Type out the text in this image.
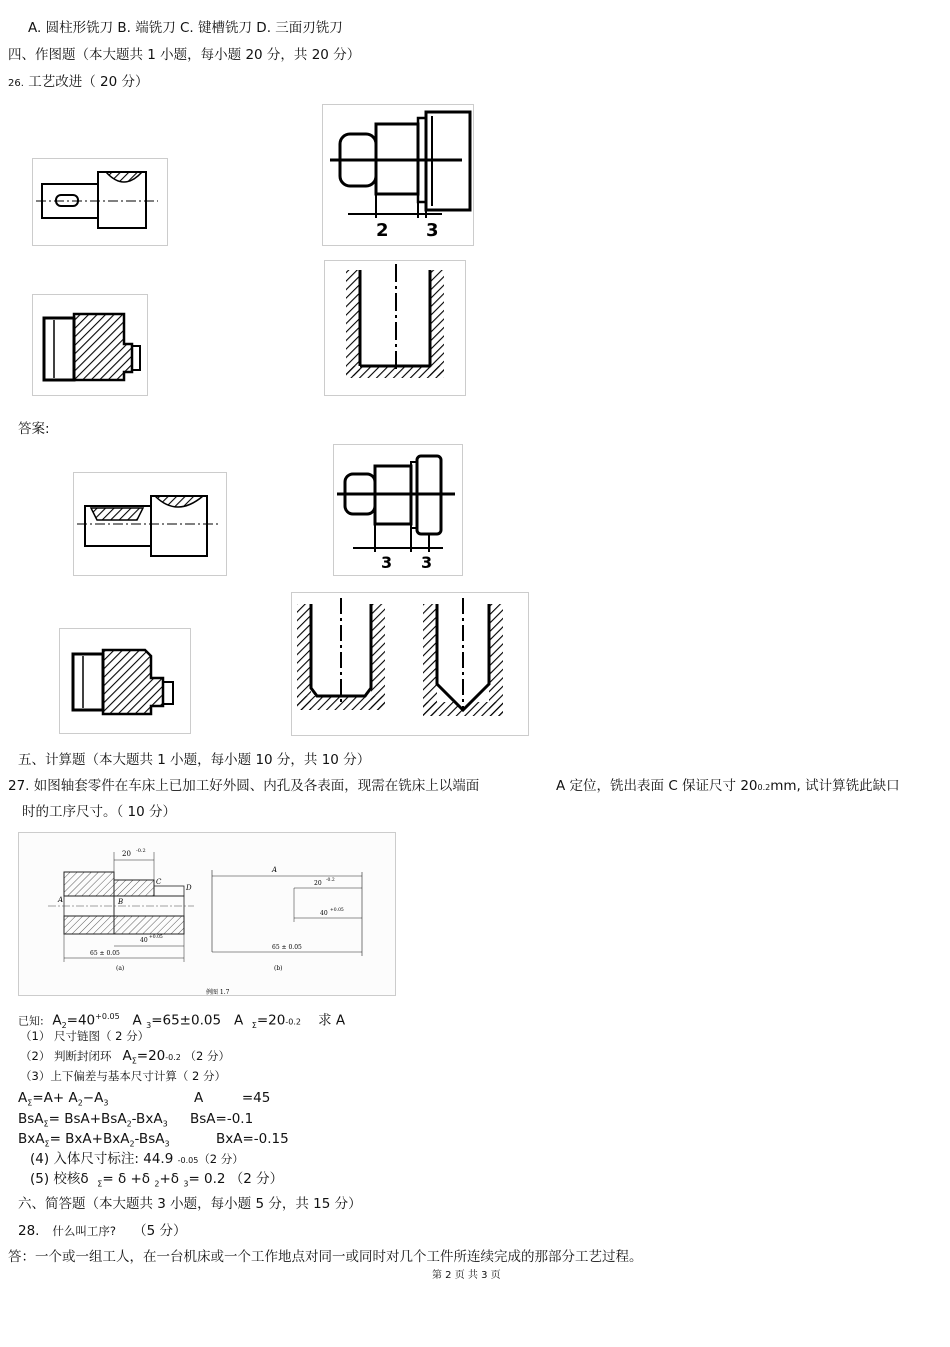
A. 圆柱形铣刀 B. 端铣刀 C. 键槽铣刀 D. 三面刃铣刀
四、作图题（本大题共 1 小题，每小题 20 分，共 20 分）
26. 工艺改进（ 20 分）
2 3
答案:
3 3
五、计算题（本大题共 1 小题，每小题 10 分，共 10 分）
27. 如图轴套零件在车床上已加工好外圆、内孔及各表面，现需在铣床上以端面	A 定位，铣出表面 C 保证尺寸 200.2mm, 试计算铣此缺口
时的工序尺寸。（ 10 分）
20 -0.2
A	B
C
D
40 +0.05
65 ± 0.05
(a)
A
20 -0.2
40 +0.05
65 ± 0.05
(b)
例图 1.7
已知: $A_2=40^{+0.05}$ A $_3$=65±0.05 A $_\Sigma$=20-0.2 求 A
（1） 尺寸链图（ 2 分）
（2） 判断封闭环 $A_\Sigma=20-0.2$ （2 分）
（3）上下偏差与基本尺寸计算（ 2 分）
$A_\Sigma=A+ A_2-A_3$	A	=45
BsA$_\Sigma$= BsA+BsA$_2$-BxA$_3$ BsA=-0.1
BxA$_\Sigma$= BxA+BxA$_2$-BsA$_3$	BxA=-0.15
(4) 入体尺寸标注: 44.9 -0.05（2 分）
(5) 校核δ $_\Sigma$= δ +δ $_2$+δ $_3$= 0.2 （2 分）
六、简答题（本大题共 3 小题，每小题 5 分，共 15 分）
28. 什么叫工序? （5 分）
答：一个或一组工人，在一台机床或一个工作地点对同一或同时对几个工件所连续完成的那部分工艺过程。
第 2 页 共 3 页
